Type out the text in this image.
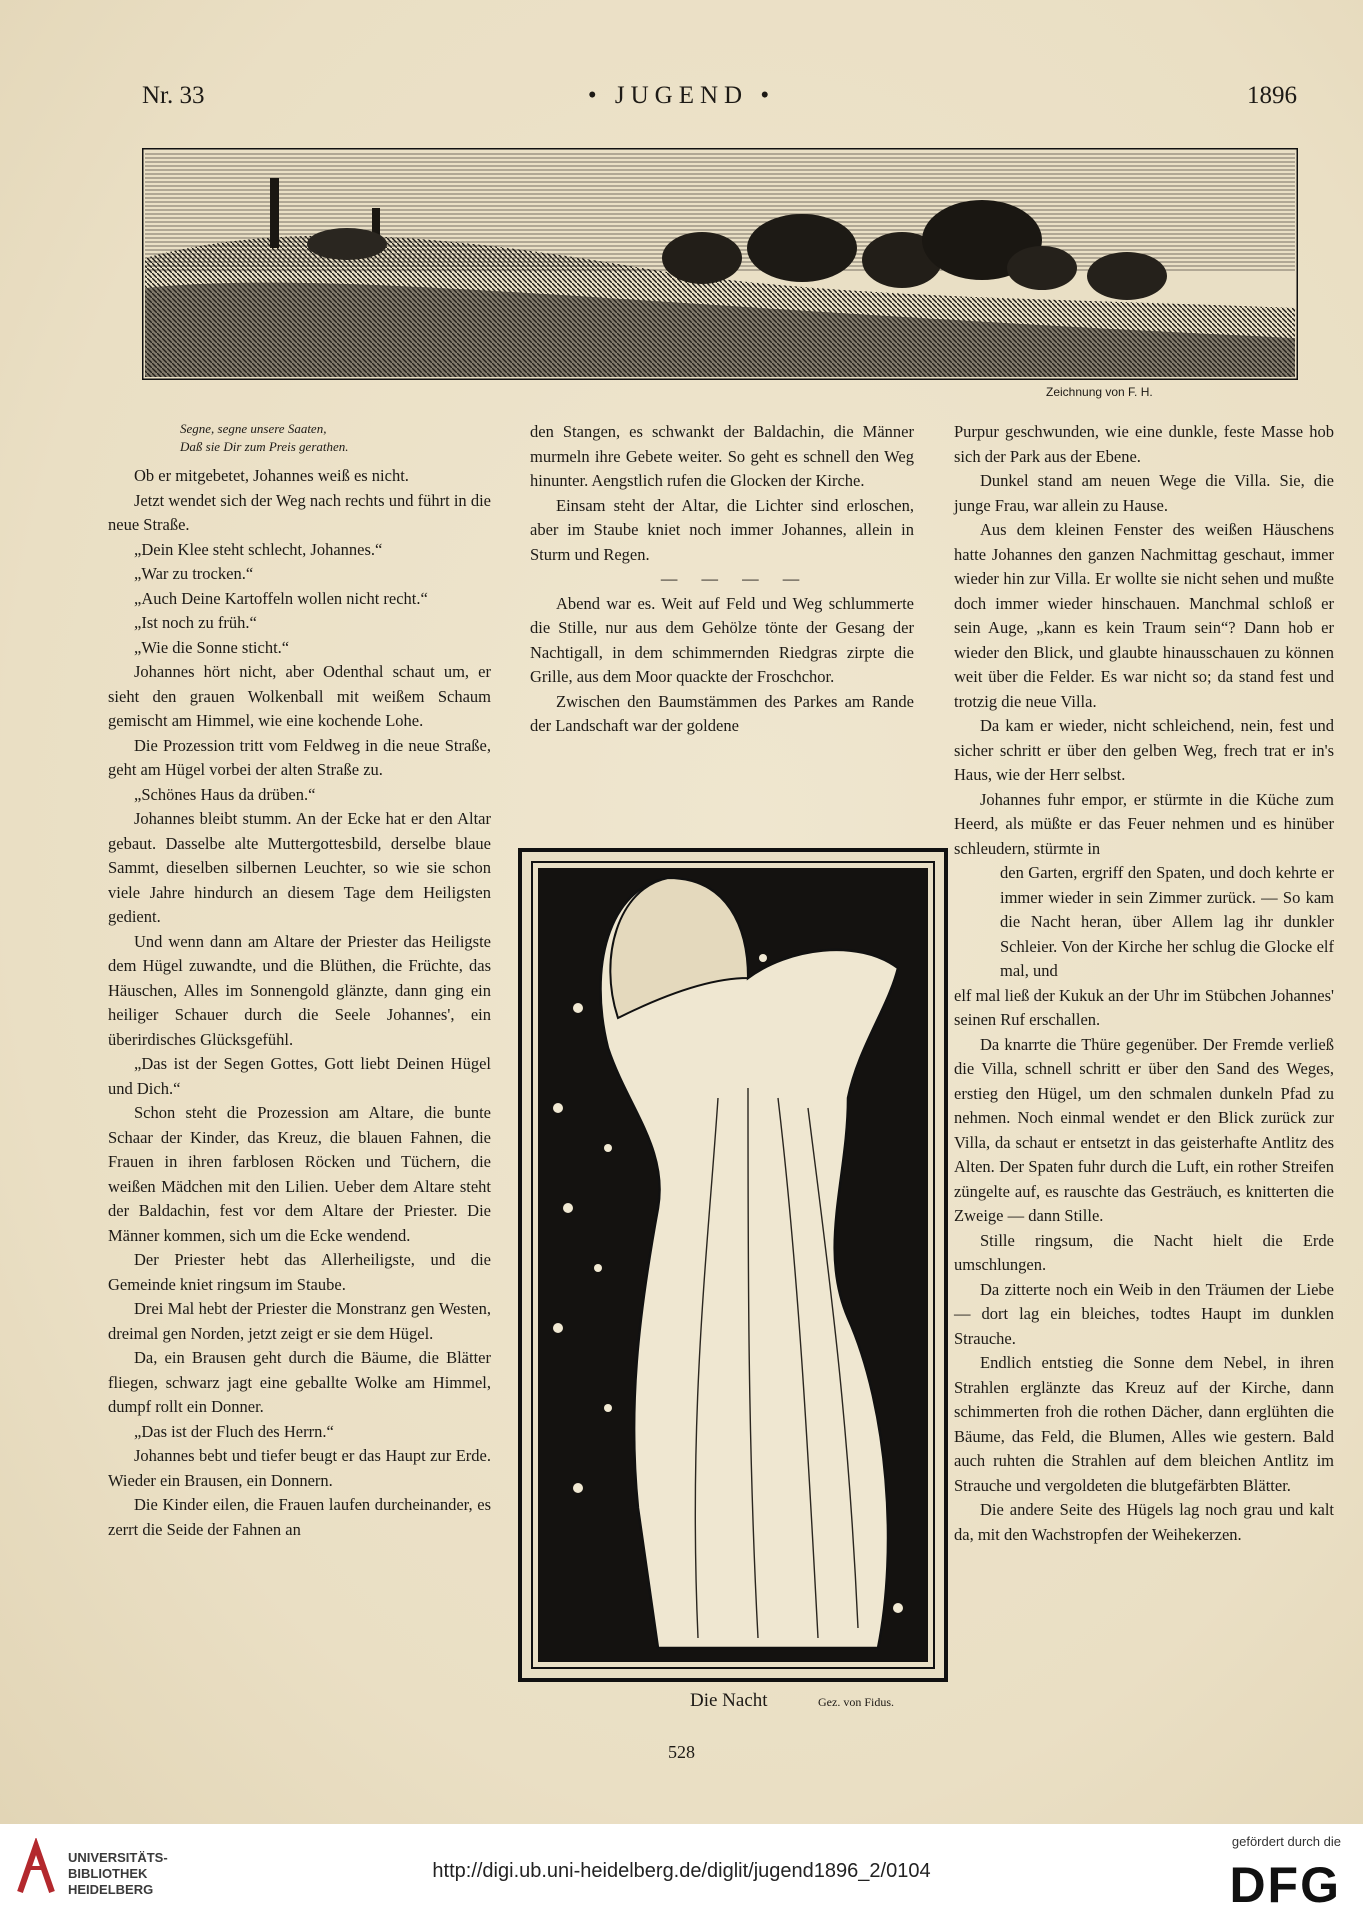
Nr. 33	• JUGEND •	1896
Zeichnung von F. H.
Segne, segne unsere Saaten,
Daß sie Dir zum Preis gerathen.

Ob er mitgebetet, Johannes weiß es nicht.

Jetzt wendet sich der Weg nach rechts und führt in die neue Straße.

„Dein Klee steht schlecht, Johannes.“

„War zu trocken.“

„Auch Deine Kartoffeln wollen nicht recht.“

„Ist noch zu früh.“

„Wie die Sonne sticht.“

Johannes hört nicht, aber Odenthal schaut um, er sieht den grauen Wolkenball mit weißem Schaum gemischt am Himmel, wie eine kochende Lohe.

Die Prozession tritt vom Feldweg in die neue Straße, geht am Hügel vorbei der alten Straße zu.

„Schönes Haus da drüben.“

Johannes bleibt stumm. An der Ecke hat er den Altar gebaut. Dasselbe alte Muttergottesbild, derselbe blaue Sammt, dieselben silbernen Leuchter, so wie sie schon viele Jahre hindurch an diesem Tage dem Heiligsten gedient.

Und wenn dann am Altare der Priester das Heiligste dem Hügel zuwandte, und die Blüthen, die Früchte, das Häuschen, Alles im Sonnengold glänzte, dann ging ein heiliger Schauer durch die Seele Johannes', ein überirdisches Glücksgefühl.

„Das ist der Segen Gottes, Gott liebt Deinen Hügel und Dich.“

Schon steht die Prozession am Altare, die bunte Schaar der Kinder, das Kreuz, die blauen Fahnen, die Frauen in ihren farblosen Röcken und Tüchern, die weißen Mädchen mit den Lilien. Ueber dem Altare steht der Baldachin, fest vor dem Altare der Priester. Die Männer kommen, sich um die Ecke wendend.

Der Priester hebt das Allerheiligste, und die Gemeinde kniet ringsum im Staube.

Drei Mal hebt der Priester die Monstranz gen Westen, dreimal gen Norden, jetzt zeigt er sie dem Hügel.

Da, ein Brausen geht durch die Bäume, die Blätter fliegen, schwarz jagt eine geballte Wolke am Himmel, dumpf rollt ein Donner.

„Das ist der Fluch des Herrn.“

Johannes bebt und tiefer beugt er das Haupt zur Erde. Wieder ein Brausen, ein Donnern.

Die Kinder eilen, die Frauen laufen durcheinander, es zerrt die Seide der Fahnen an

den Stangen, es schwankt der Baldachin, die Männer murmeln ihre Gebete weiter. So geht es schnell den Weg hinunter. Aengstlich rufen die Glocken der Kirche.

Einsam steht der Altar, die Lichter sind erloschen, aber im Staube kniet noch immer Johannes, allein in Sturm und Regen.

— — — —

Abend war es. Weit auf Feld und Weg schlummerte die Stille, nur aus dem Gehölze tönte der Gesang der Nachtigall, in dem schimmernden Riedgras zirpte die Grille, aus dem Moor quackte der Froschchor.

Zwischen den Baumstämmen des Parkes am Rande der Landschaft war der goldene

Die Nacht	Gez. von Fidus.

Purpur geschwunden, wie eine dunkle, feste Masse hob sich der Park aus der Ebene.

Dunkel stand am neuen Wege die Villa. Sie, die junge Frau, war allein zu Hause.

Aus dem kleinen Fenster des weißen Häuschens hatte Johannes den ganzen Nachmittag geschaut, immer wieder hin zur Villa. Er wollte sie nicht sehen und mußte doch immer wieder hinschauen. Manchmal schloß er sein Auge, „kann es kein Traum sein“? Dann hob er wieder den Blick, und glaubte hinausschauen zu können weit über die Felder. Es war nicht so; da stand fest und trotzig die neue Villa.

Da kam er wieder, nicht schleichend, nein, fest und sicher schritt er über den gelben Weg, frech trat er in's Haus, wie der Herr selbst.

Johannes fuhr empor, er stürmte in die Küche zum Heerd, als müßte er das Feuer nehmen und es hinüber schleudern, stürmte in

den Garten, ergriff den Spaten, und doch kehrte er immer wieder in sein Zimmer zurück. — So kam die Nacht heran, über Allem lag ihr dunkler Schleier. Von der Kirche her schlug die Glocke elf mal, und

elf mal ließ der Kukuk an der Uhr im Stübchen Johannes' seinen Ruf erschallen.

Da knarrte die Thüre gegenüber. Der Fremde verließ die Villa, schnell schritt er über den Sand des Weges, erstieg den Hügel, um den schmalen dunkeln Pfad zu nehmen. Noch einmal wendet er den Blick zurück zur Villa, da schaut er entsetzt in das geisterhafte Antlitz des Alten. Der Spaten fuhr durch die Luft, ein rother Streifen züngelte auf, es rauschte das Gesträuch, es knitterten die Zweige — dann Stille.

Stille ringsum, die Nacht hielt die Erde umschlungen.

Da zitterte noch ein Weib in den Träumen der Liebe — dort lag ein bleiches, todtes Haupt im dunklen Strauche.

Endlich entstieg die Sonne dem Nebel, in ihren Strahlen erglänzte das Kreuz auf der Kirche, dann schimmerten froh die rothen Dächer, dann erglühten die Bäume, das Feld, die Blumen, Alles wie gestern. Bald auch ruhten die Strahlen auf dem bleichen Antlitz im Strauche und vergoldeten die blutgefärbten Blätter.

Die andere Seite des Hügels lag noch grau und kalt da, mit den Wachstropfen der Weihekerzen.

528
UNIVERSITÄTS-
BIBLIOTHEK
HEIDELBERG
http://digi.ub.uni-heidelberg.de/diglit/jugend1896_2/0104
gefördert durch die
DFG
